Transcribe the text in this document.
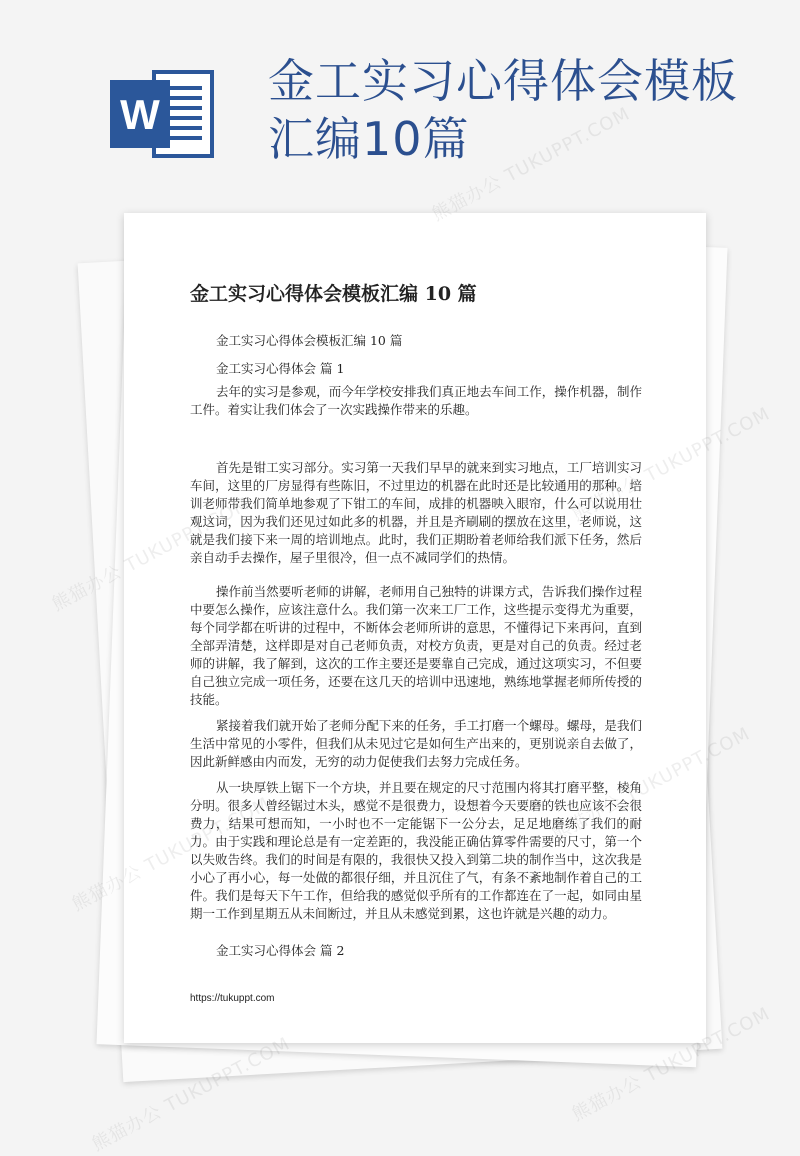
W
金工实习心得体会模板
汇编10篇
金工实习心得体会模板汇编 10 篇
金工实习心得体会模板汇编 10 篇
金工实习心得体会 篇 1
去年的实习是参观，而今年学校安排我们真正地去车间工作，操作机器，制作工件。着实让我们体会了一次实践操作带来的乐趣。
首先是钳工实习部分。实习第一天我们早早的就来到实习地点，工厂培训实习车间，这里的厂房显得有些陈旧，不过里边的机器在此时还是比较通用的那种。培训老师带我们简单地参观了下钳工的车间，成排的机器映入眼帘，什么可以说用壮观这词，因为我们还见过如此多的机器，并且是齐刷刷的摆放在这里，老师说，这就是我们接下来一周的培训地点。此时，我们正期盼着老师给我们派下任务，然后亲自动手去操作，屋子里很冷，但一点不减同学们的热情。
操作前当然要听老师的讲解，老师用自己独特的讲课方式，告诉我们操作过程中要怎么操作，应该注意什么。我们第一次来工厂工作，这些提示变得尤为重要，每个同学都在听讲的过程中，不断体会老师所讲的意思，不懂得记下来再问，直到全部弄清楚，这样即是对自己老师负责，对校方负责，更是对自己的负责。经过老师的讲解，我了解到，这次的工作主要还是要靠自己完成，通过这项实习，不但要自己独立完成一项任务，还要在这几天的培训中迅速地，熟练地掌握老师所传授的技能。
紧接着我们就开始了老师分配下来的任务，手工打磨一个螺母。螺母，是我们生活中常见的小零件，但我们从未见过它是如何生产出来的，更别说亲自去做了，因此新鲜感由内而发，无穷的动力促使我们去努力完成任务。
从一块厚铁上锯下一个方块，并且要在规定的尺寸范围内将其打磨平整，棱角分明。很多人曾经锯过木头，感觉不是很费力，设想着今天要磨的铁也应该不会很费力，结果可想而知，一小时也不一定能锯下一公分去，足足地磨练了我们的耐力。由于实践和理论总是有一定差距的，我没能正确估算零件需要的尺寸，第一个以失败告终。我们的时间是有限的，我很快又投入到第二块的制作当中，这次我是小心了再小心，每一处做的都很仔细，并且沉住了气，有条不紊地制作着自己的工件。我们是每天下午工作，但给我的感觉似乎所有的工作都连在了一起，如同由星期一工作到星期五从未间断过，并且从未感觉到累，这也许就是兴趣的动力。
金工实习心得体会 篇 2
https://tukuppt.com
熊猫办公 TUKUPPT.COM
熊猫办公
熊猫办公
熊猫办公 TUKUPPT.COM
